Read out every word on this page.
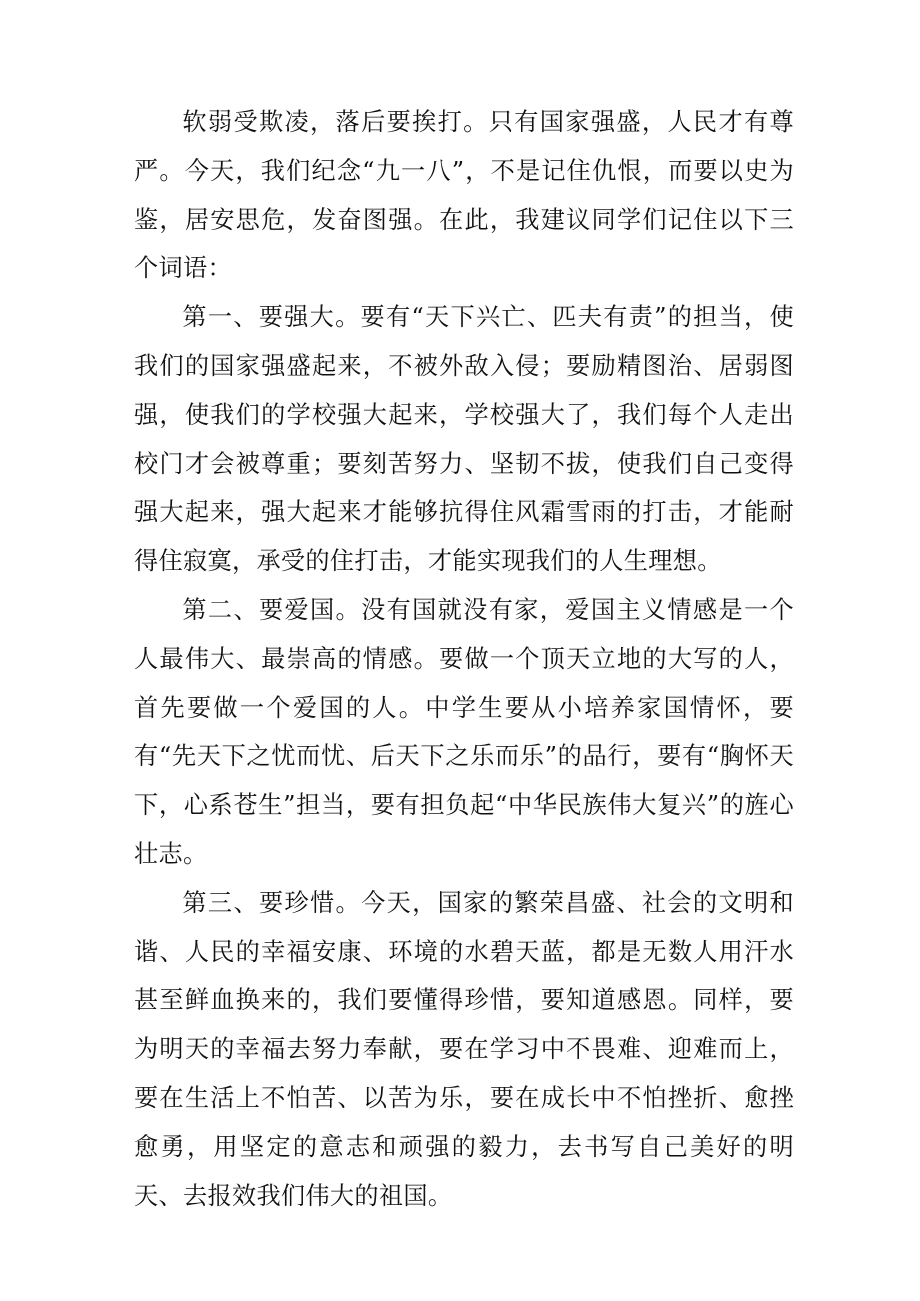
软弱受欺凌，落后要挨打。只有国家强盛，人民才有尊严。今天，我们纪念“九一八”，不是记住仇恨，而要以史为鉴，居安思危，发奋图强。在此，我建议同学们记住以下三个词语：

第一、要强大。要有“天下兴亡、匹夫有责”的担当，使我们的国家强盛起来，不被外敌入侵；要励精图治、居弱图强，使我们的学校强大起来，学校强大了，我们每个人走出校门才会被尊重；要刻苦努力、坚韧不拔，使我们自己变得强大起来，强大起来才能够抗得住风霜雪雨的打击，才能耐得住寂寞，承受的住打击，才能实现我们的人生理想。

第二、要爱国。没有国就没有家，爱国主义情感是一个人最伟大、最崇高的情感。要做一个顶天立地的大写的人，首先要做一个爱国的人。中学生要从小培养家国情怀，要有“先天下之忧而忧、后天下之乐而乐”的品行，要有“胸怀天下，心系苍生”担当，要有担负起“中华民族伟大复兴”的旌心壮志。

第三、要珍惜。今天，国家的繁荣昌盛、社会的文明和谐、人民的幸福安康、环境的水碧天蓝，都是无数人用汗水甚至鲜血换来的，我们要懂得珍惜，要知道感恩。同样，要为明天的幸福去努力奉献，要在学习中不畏难、迎难而上，要在生活上不怕苦、以苦为乐，要在成长中不怕挫折、愈挫愈勇，用坚定的意志和顽强的毅力，去书写自己美好的明天、去报效我们伟大的祖国。
